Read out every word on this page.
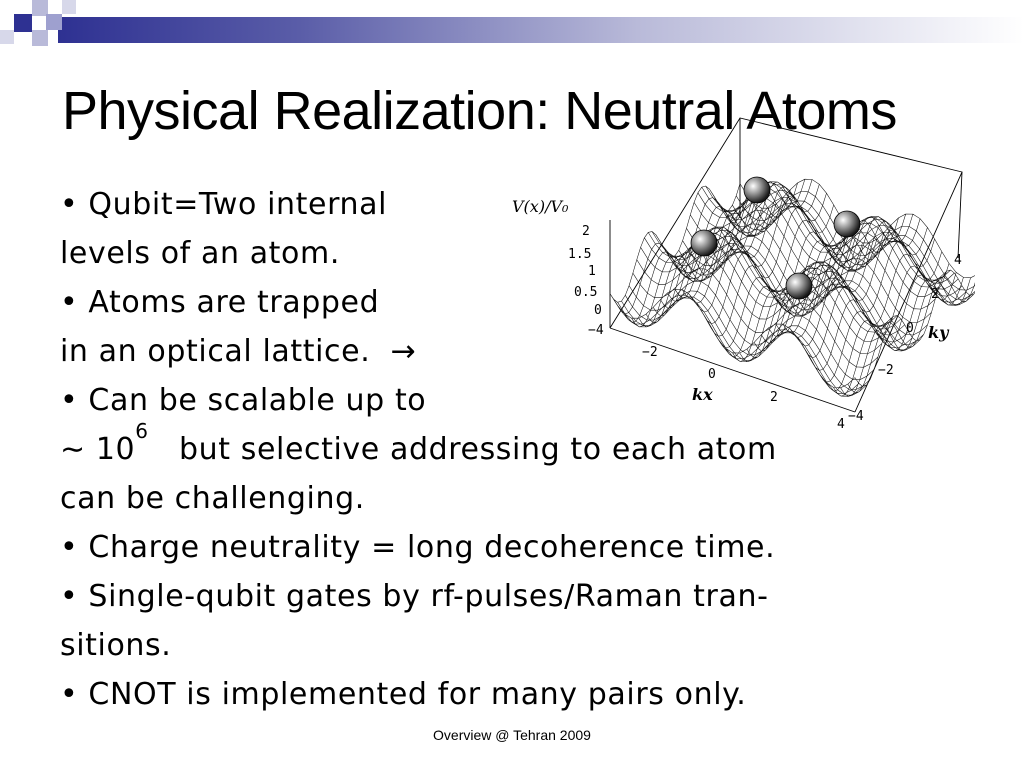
Physical Realization: Neutral Atoms
• Qubit=Two internal
levels of an atom.
• Atoms are trapped
in an optical lattice. →
• Can be scalable up to
∼ $10^6$   but selective addressing to each atom
can be challenging.
• Charge neutrality = long decoherence time.
• Single-qubit gates by rf-pulses/Raman tran-
sitions.
• CNOT is implemented for many pairs only.
V(x)/V₀
2
1.5
1
0.5
0
−4
−2
0
2
4
4
2
0
−2
−4
kx
ky
Overview @ Tehran 2009
